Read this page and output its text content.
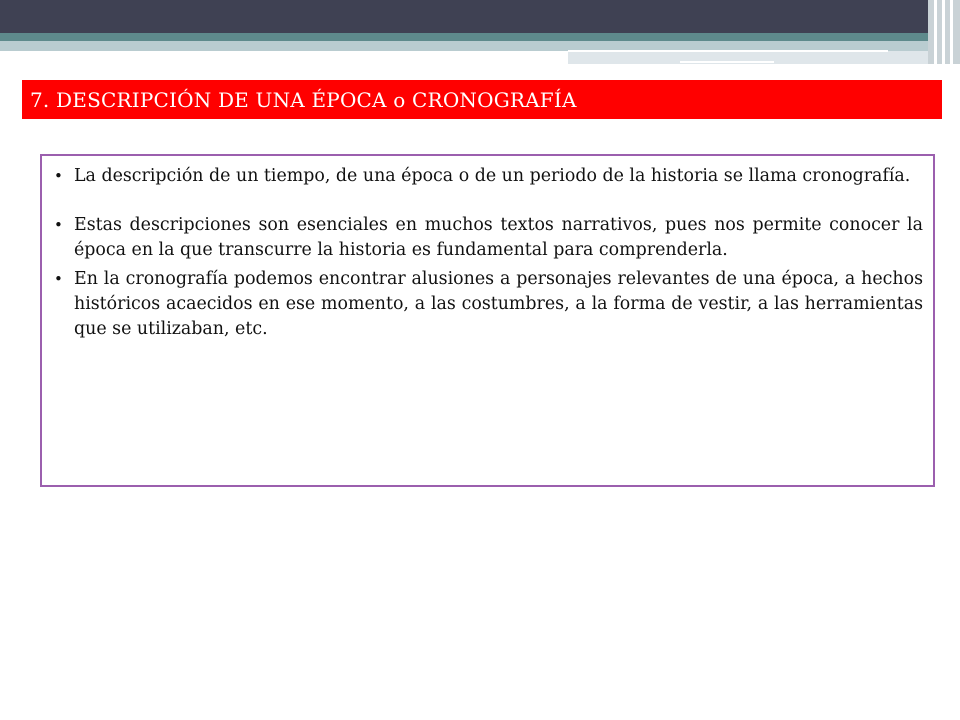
7. DESCRIPCIÓN DE UNA ÉPOCA o CRONOGRAFÍA
• La descripción de un tiempo, de una época o de un periodo de la historia se llama cronografía.
• Estas descripciones son esenciales en muchos textos narrativos, pues nos permite conocer la época en la que transcurre la historia es fundamental para comprenderla.
• En la cronografía podemos encontrar alusiones a personajes relevantes de una época, a hechos históricos acaecidos en ese momento, a las costumbres, a la forma de vestir, a las herramientas que se utilizaban, etc.
